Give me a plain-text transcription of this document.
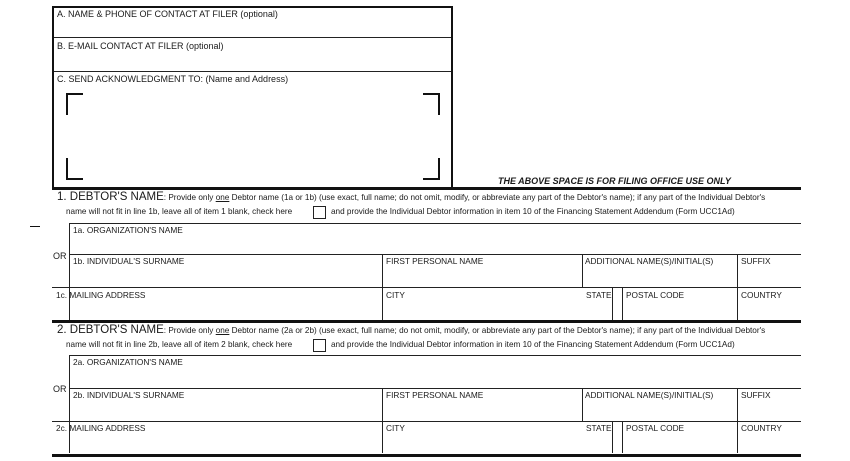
A. NAME & PHONE OF CONTACT AT FILER (optional)
B. E-MAIL CONTACT AT FILER (optional)
C. SEND ACKNOWLEDGMENT TO: (Name and Address)
THE ABOVE SPACE IS FOR FILING OFFICE USE ONLY
1. DEBTOR'S NAME: Provide only one Debtor name (1a or 1b) (use exact, full name; do not omit, modify, or abbreviate any part of the Debtor's name); if any part of the Individual Debtor's
name will not fit in line 1b, leave all of item 1 blank, check here	and provide the Individual Debtor information in item 10 of the Financing Statement Addendum (Form UCC1Ad)
1a. ORGANIZATION'S NAME
OR 1b. INDIVIDUAL'S SURNAME	FIRST PERSONAL NAME	ADDITIONAL NAME(S)/INITIAL(S)	SUFFIX
1c. MAILING ADDRESS	CITY	STATE POSTAL CODE	COUNTRY
2. DEBTOR'S NAME: Provide only one Debtor name (2a or 2b) (use exact, full name; do not omit, modify, or abbreviate any part of the Debtor's name); if any part of the Individual Debtor's
name will not fit in line 2b, leave all of item 2 blank, check here	and provide the Individual Debtor information in item 10 of the Financing Statement Addendum (Form UCC1Ad)
2a. ORGANIZATION'S NAME
OR
2b. INDIVIDUAL'S SURNAME	FIRST PERSONAL NAME	ADDITIONAL NAME(S)/INITIAL(S)	SUFFIX
2c. MAILING ADDRESS	CITY	STATE POSTAL CODE	COUNTRY
